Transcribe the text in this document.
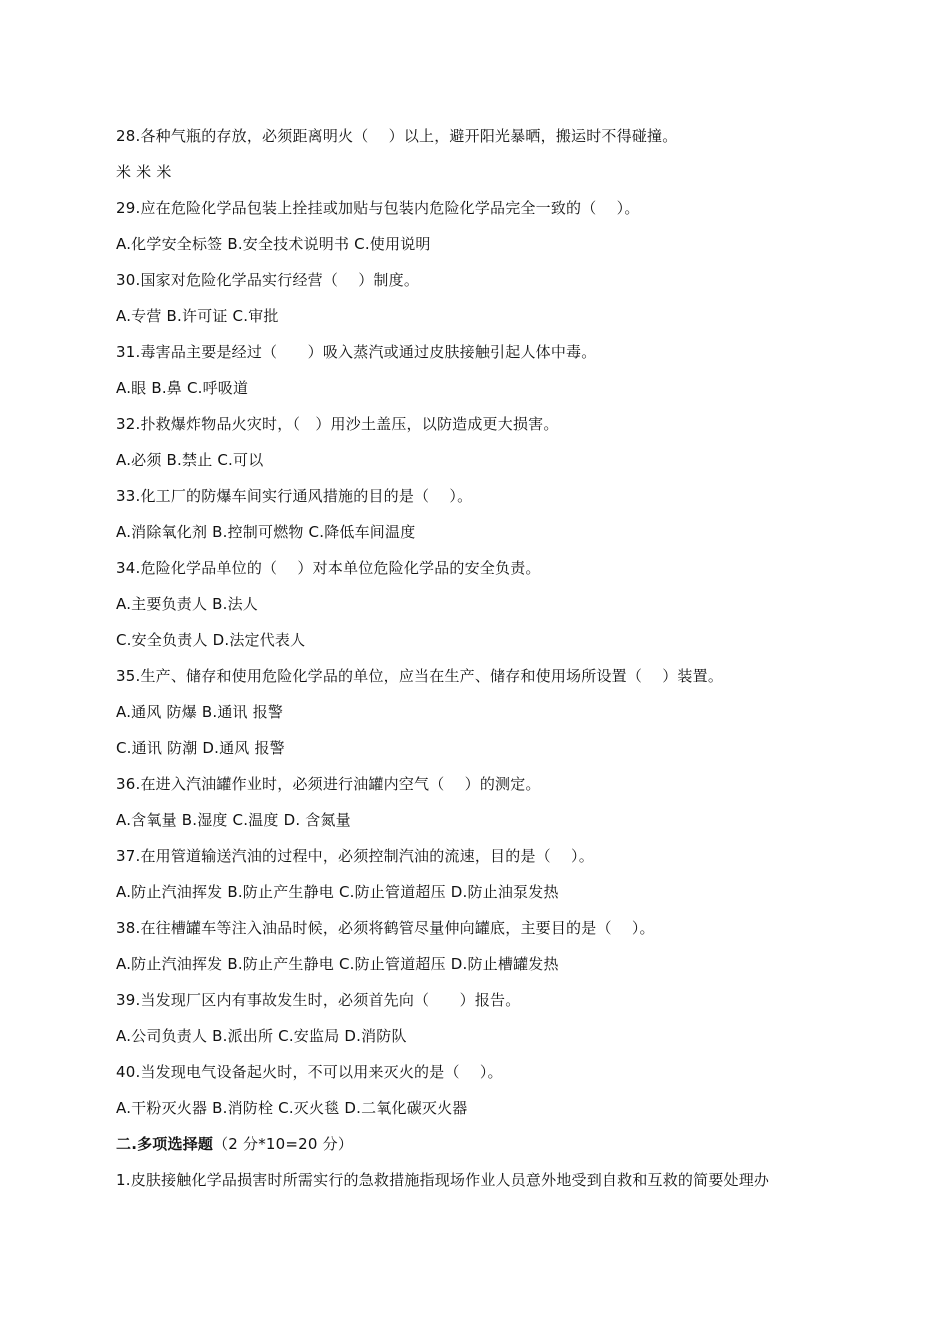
28.各种气瓶的存放，必须距离明火（　 ）以上，避开阳光暴晒，搬运时不得碰撞。
米 米 米
29.应在危险化学品包装上拴挂或加贴与包装内危险化学品完全一致的（　 ）。
A.化学安全标签 B.安全技术说明书 C.使用说明
30.国家对危险化学品实行经营（　 ）制度。
A.专营 B.许可证 C.审批
31.毒害品主要是经过（　　）吸入蒸汽或通过皮肤接触引起人体中毒。
A.眼 B.鼻 C.呼吸道
32.扑救爆炸物品火灾时，（　）用沙土盖压，以防造成更大损害。
A.必须 B.禁止 C.可以
33.化工厂的防爆车间实行通风措施的目的是（　 ）。
A.消除氧化剂 B.控制可燃物 C.降低车间温度
34.危险化学品单位的（　 ）对本单位危险化学品的安全负责。
A.主要负责人 B.法人
C.安全负责人 D.法定代表人
35.生产、储存和使用危险化学品的单位，应当在生产、储存和使用场所设置（　 ）装置。
A.通风 防爆 B.通讯 报警
C.通讯 防潮 D.通风 报警
36.在进入汽油罐作业时，必须进行油罐内空气（　 ）的测定。
A.含氧量 B.湿度 C.温度 D. 含氮量
37.在用管道输送汽油的过程中，必须控制汽油的流速，目的是（　 ）。
A.防止汽油挥发 B.防止产生静电 C.防止管道超压 D.防止油泵发热
38.在往槽罐车等注入油品时候，必须将鹤管尽量伸向罐底，主要目的是（　 ）。
A.防止汽油挥发 B.防止产生静电 C.防止管道超压 D.防止槽罐发热
39.当发现厂区内有事故发生时，必须首先向（　　）报告。
A.公司负责人 B.派出所 C.安监局 D.消防队
40.当发现电气设备起火时，不可以用来灭火的是（　 ）。
A.干粉灭火器 B.消防栓 C.灭火毯 D.二氧化碳灭火器
二.多项选择题（2 分*10=20 分）
1.皮肤接触化学品损害时所需实行的急救措施指现场作业人员意外地受到自救和互救的简要处理办
